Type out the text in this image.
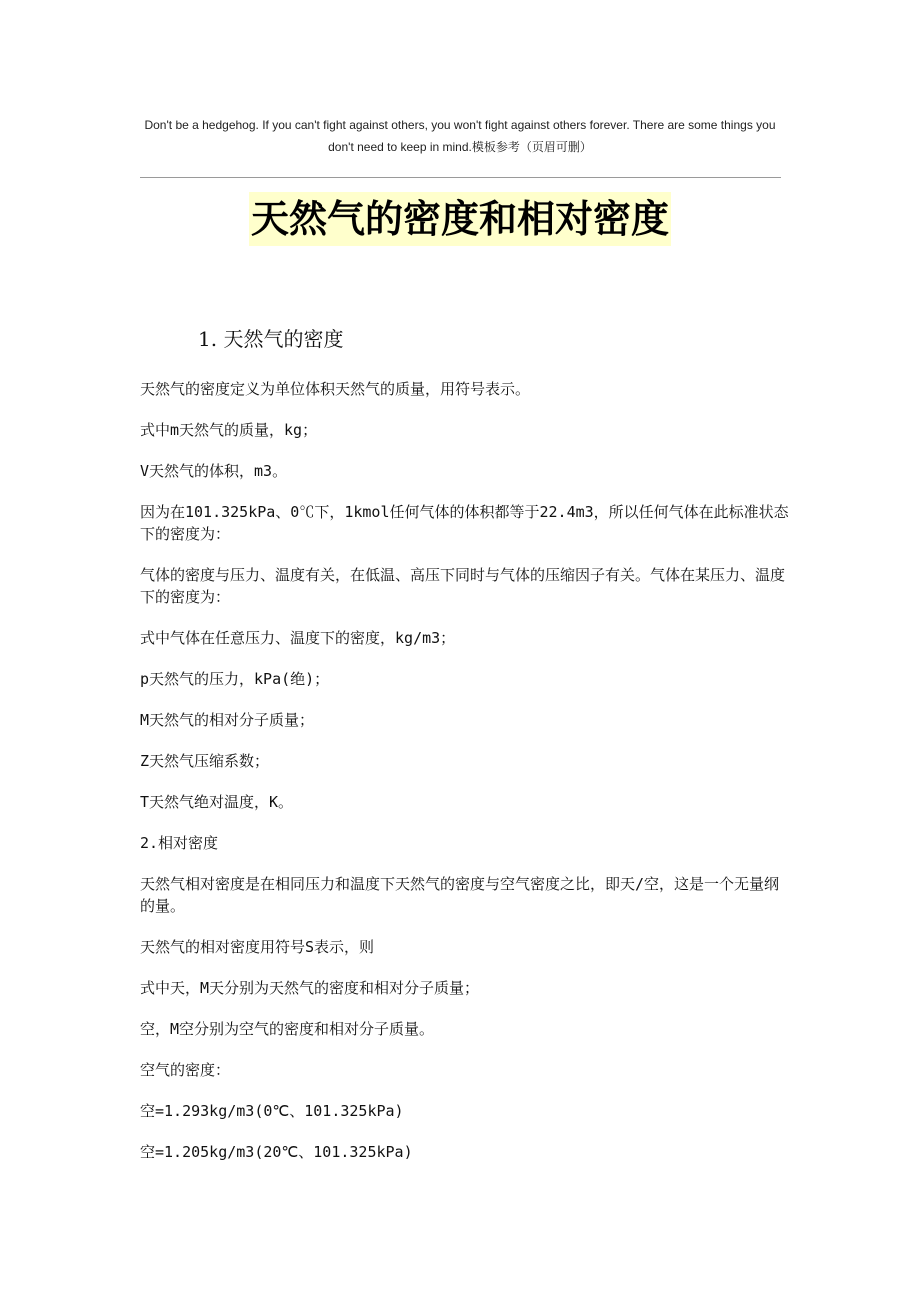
Don't be a hedgehog. If you can't fight against others, you won't fight against others forever. There are some things you don't need to keep in mind.模板参考（页眉可删）
天然气的密度和相对密度
1. 天然气的密度

天然气的密度定义为单位体积天然气的质量，用符号表示。

式中m天然气的质量，kg；

V天然气的体积，m3。

因为在101.325kPa、0℃下，1kmol任何气体的体积都等于22.4m3，所以任何气体在此标准状态下的密度为：

气体的密度与压力、温度有关，在低温、高压下同时与气体的压缩因子有关。气体在某压力、温度下的密度为：

式中气体在任意压力、温度下的密度，kg/m3；

p天然气的压力，kPa(绝)；

M天然气的相对分子质量；

Z天然气压缩系数；

T天然气绝对温度，K。

2.相对密度

天然气相对密度是在相同压力和温度下天然气的密度与空气密度之比，即天/空，这是一个无量纲的量。

天然气的相对密度用符号S表示，则

式中天，M天分别为天然气的密度和相对分子质量；

空，M空分别为空气的密度和相对分子质量。

空气的密度：

空=1.293kg/m3(0℃、101.325kPa)

空=1.205kg/m3(20℃、101.325kPa)
